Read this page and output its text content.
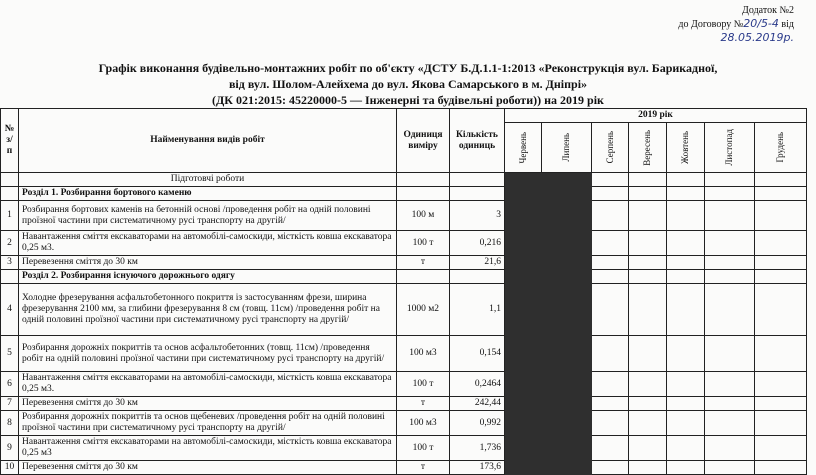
Додаток №2
до Договору №20/5-4 від
28.05.2019р.
Графік виконання будівельно-монтажних робіт по об'єкту «ДСТУ Б.Д.1.1-1:2013 «Реконструкція вул. Барикадної,
від вул. Шолом-Алейхема до вул. Якова Самарського в м. Дніпрі»
(ДК 021:2015: 45220000-5 — Інженерні та будівельні роботи)) на 2019 рік
№ з/п	Найменування видів робіт	Одиниця виміру	Кількість одиниць	2019 рік						

				Червень	Липень	Серпень	Вересень	Жовтень	Листопад	Грудень

	Підготовчі роботи									
	Розділ 1. Розбирання бортового каменю									
1	Розбирання бортових каменів на бетонній основі /проведення робіт на одній половині проїзної частини при систематичному русі транспорту на другій/	100 м	3							
2	Навантаження сміття екскаваторами на автомобілі-самоскиди, місткість ковша екскаватора 0,25 м3.	100 т	0,216							
3	Перевезення сміття до 30 км	т	21,6							
	Розділ 2. Розбирання існуючого дорожнього одягу									
4	Холодне фрезерування асфальтобетонного покриття із застосуванням фрези, ширина фрезерування 2100 мм, за глибини фрезерування 8 см (товщ. 11см) /проведення робіт на одній половині проїзної частини при систематичному русі транспорту на другій/	1000 м2	1,1							
5	Розбирання дорожніх покриттів та основ асфальтобетонних (товщ. 11см) /проведення робіт на одній половині проїзної частини при систематичному русі транспорту на другій/	100 м3	0,154							
6	Навантаження сміття екскаваторами на автомобілі-самоскиди, місткість ковша екскаватора 0,25 м3.	100 т	0,2464							
7	Перевезення сміття до 30 км	т	242,44							
8	Розбирання дорожніх покриттів та основ щебеневих /проведення робіт на одній половині проїзної частини при систематичному русі транспорту на другій/	100 м3	0,992							
9	Навантаження сміття екскаваторами на автомобілі-самоскиди, місткість ковша екскаватора 0,25 м3	100 т	1,736							
10	Перевезення сміття до 30 км	т	173,6							
